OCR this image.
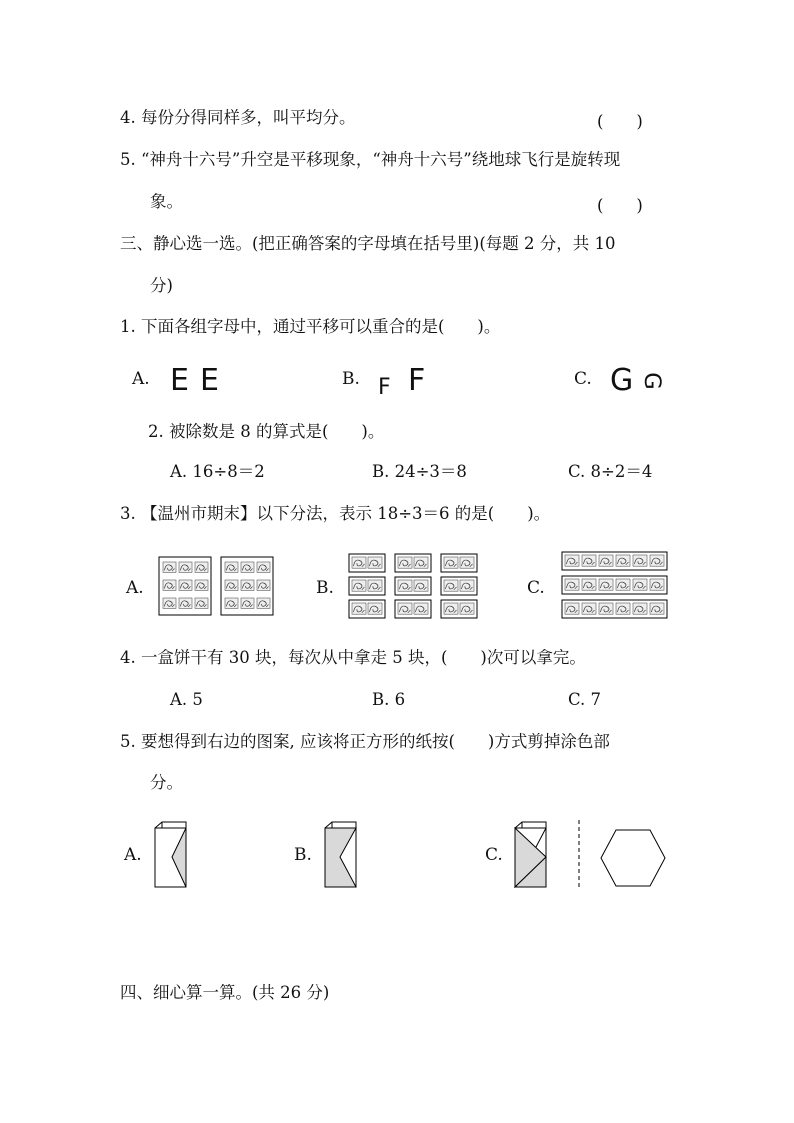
4. 每份分得同样多，叫平均分。	(　　)
5. “神舟十六号”升空是平移现象，“神舟十六号”绕地球飞行是旋转现
象。	(　　)
三、静心选一选。(把正确答案的字母填在括号里)(每题 2 分，共 10
分)
1. 下面各组字母中，通过平移可以重合的是(　　)。
A. E E	B. F F	C. G G
2. 被除数是 8 的算式是(　　)。
A. 16÷8＝2	B. 24÷3＝8	C. 8÷2＝4
3. 【温州市期末】以下分法，表示 18÷3＝6 的是(　　)。
A.	B.	C.
4. 一盒饼干有 30 块，每次从中拿走 5 块，(　　)次可以拿完。
A. 5	B. 6	C. 7
5. 要想得到右边的图案, 应该将正方形的纸按(　　)方式剪掉涂色部
分。
A.	B.	C.
四、细心算一算。(共 26 分)
